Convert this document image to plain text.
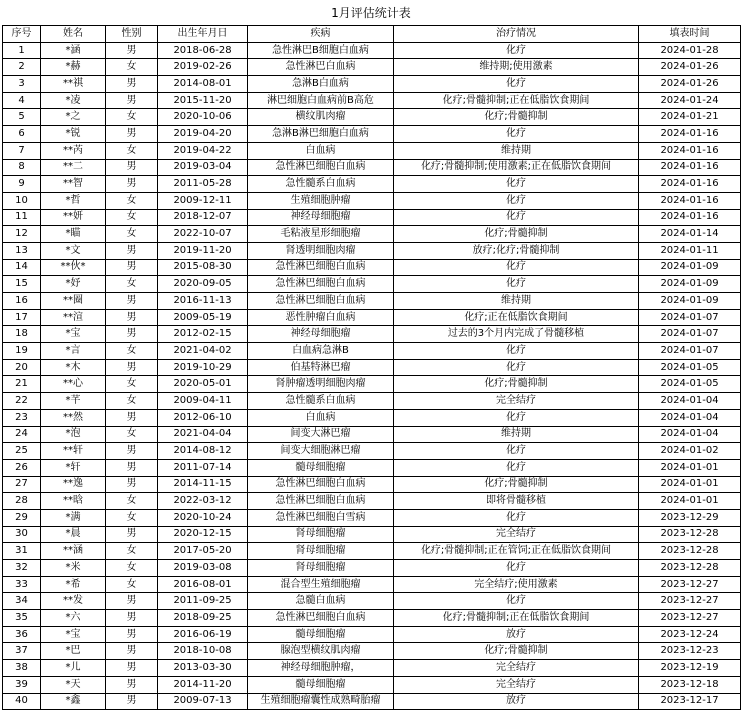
1月评估统计表
序号	姓名	性别	出生年月日	疾病	治疗情况	填表时间
1	*涵	男	2018-06-28	急性淋巴B细胞白血病	化疗	2024-01-28
2	*赫	女	2019-02-26	急性淋巴白血病	维持期;使用激素	2024-01-26
3	**祺	男	2014-08-01	急淋B白血病	化疗	2024-01-26
4	*凌	男	2015-11-20	淋巴细胞白血病前B高危	化疗;骨髓抑制;正在低脂饮食期间	2024-01-24
5	*之	女	2020-10-06	横纹肌肉瘤	化疗;骨髓抑制	2024-01-21
6	*锐	男	2019-04-20	急淋B淋巴细胞白血病	化疗	2024-01-16
7	**芮	女	2019-04-22	白血病	维持期	2024-01-16
8	**二	男	2019-03-04	急性淋巴细胞白血病	化疗;骨髓抑制;使用激素;正在低脂饮食期间	2024-01-16
9	**智	男	2011-05-28	急性髓系白血病	化疗	2024-01-16
10	*哲	女	2009-12-11	生殖细胞肿瘤	化疗	2024-01-16
11	**妍	女	2018-12-07	神经母细胞瘤	化疗	2024-01-16
12	*瞄	女	2022-10-07	毛粘液星形细胞瘤	化疗;骨髓抑制	2024-01-14
13	*文	男	2019-11-20	肾透明细胞肉瘤	放疗;化疗;骨髓抑制	2024-01-11
14	**伙*	男	2015-08-30	急性淋巴细胞白血病	化疗	2024-01-09
15	*妤	女	2020-09-05	急性淋巴细胞白血病	化疗	2024-01-09
16	**圈	男	2016-11-13	急性淋巴细胞白血病	维持期	2024-01-09
17	**渲	男	2009-05-19	恶性肿瘤白血病	化疗;正在低脂饮食期间	2024-01-07
18	*宝	男	2012-02-15	神经母细胞瘤	过去的3个月内完成了骨髓移植	2024-01-07
19	*言	女	2021-04-02	白血病急淋B	化疗	2024-01-07
20	*木	男	2019-10-29	伯基特淋巴瘤	化疗	2024-01-05
21	**心	女	2020-05-01	肾肿瘤透明细胞肉瘤	化疗;骨髓抑制	2024-01-05
22	*芊	女	2009-04-11	急性髓系白血病	完全结疗	2024-01-04
23	**然	男	2012-06-10	白血病	化疗	2024-01-04
24	*泡	女	2021-04-04	间变大淋巴瘤	维持期	2024-01-04
25	**轩	男	2014-08-12	间变大细胞淋巴瘤	化疗	2024-01-02
26	*轩	男	2011-07-14	髓母细胞瘤	化疗	2024-01-01
27	**逸	男	2014-11-15	急性淋巴细胞白血病	化疗;骨髓抑制	2024-01-01
28	**晗	女	2022-03-12	急性淋巴细胞白血病	即将骨髓移植	2024-01-01
29	*满	女	2020-10-24	急性淋巴细胞白雪病	化疗	2023-12-29
30	*晨	男	2020-12-15	肾母细胞瘤	完全结疗	2023-12-28
31	**涵	女	2017-05-20	肾母细胞瘤	化疗;骨髓抑制;正在管饲;正在低脂饮食期间	2023-12-28
32	*米	女	2019-03-08	肾母细胞瘤	化疗	2023-12-28
33	*希	女	2016-08-01	混合型生殖细胞瘤	完全结疗;使用激素	2023-12-27
34	**发	男	2011-09-25	急髓白血病	化疗	2023-12-27
35	*六	男	2018-09-25	急性淋巴细胞白血病	化疗;骨髓抑制;正在低脂饮食期间	2023-12-27
36	*宝	男	2016-06-19	髓母细胞瘤	放疗	2023-12-24
37	*巴	男	2018-10-08	腺泡型横纹肌肉瘤	化疗;骨髓抑制	2023-12-23
38	*儿	男	2013-03-30	神经母细胞肿瘤，	完全结疗	2023-12-19
39	*天	男	2014-11-20	髓母细胞瘤	完全结疗	2023-12-18
40	*鑫	男	2009-07-13	生殖细胞瘤囊性成熟畸胎瘤	放疗	2023-12-17
